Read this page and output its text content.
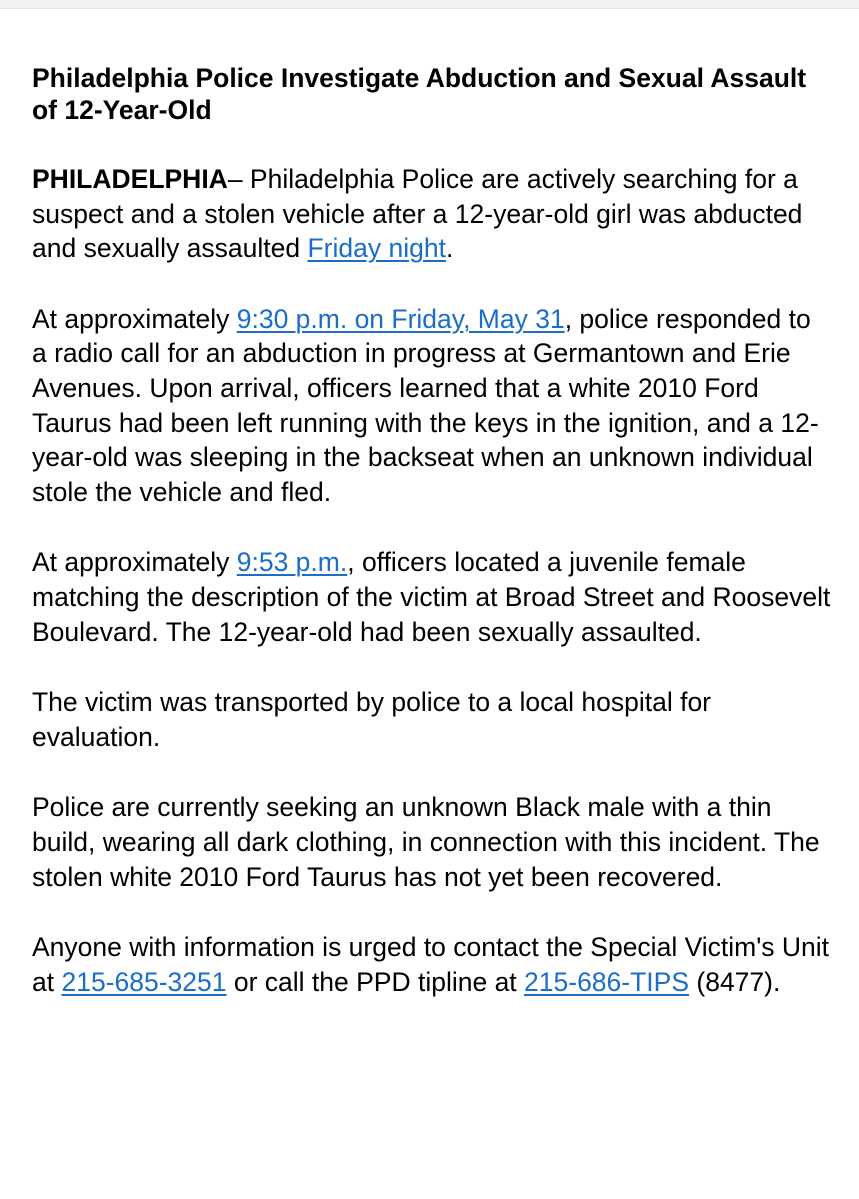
Philadelphia Police Investigate Abduction and Sexual Assault of 12-Year-Old

PHILADELPHIA– Philadelphia Police are actively searching for a suspect and a stolen vehicle after a 12-year-old girl was abducted and sexually assaulted Friday night.

At approximately 9:30 p.m. on Friday, May 31, police responded to a radio call for an abduction in progress at Germantown and Erie Avenues. Upon arrival, officers learned that a white 2010 Ford Taurus had been left running with the keys in the ignition, and a 12-year-old was sleeping in the backseat when an unknown individual stole the vehicle and fled.

At approximately 9:53 p.m., officers located a juvenile female matching the description of the victim at Broad Street and Roosevelt Boulevard. The 12-year-old had been sexually assaulted.

The victim was transported by police to a local hospital for evaluation.

Police are currently seeking an unknown Black male with a thin build, wearing all dark clothing, in connection with this incident. The stolen white 2010 Ford Taurus has not yet been recovered.

Anyone with information is urged to contact the Special Victim's Unit at 215-685-3251 or call the PPD tipline at 215-686-TIPS (8477).
